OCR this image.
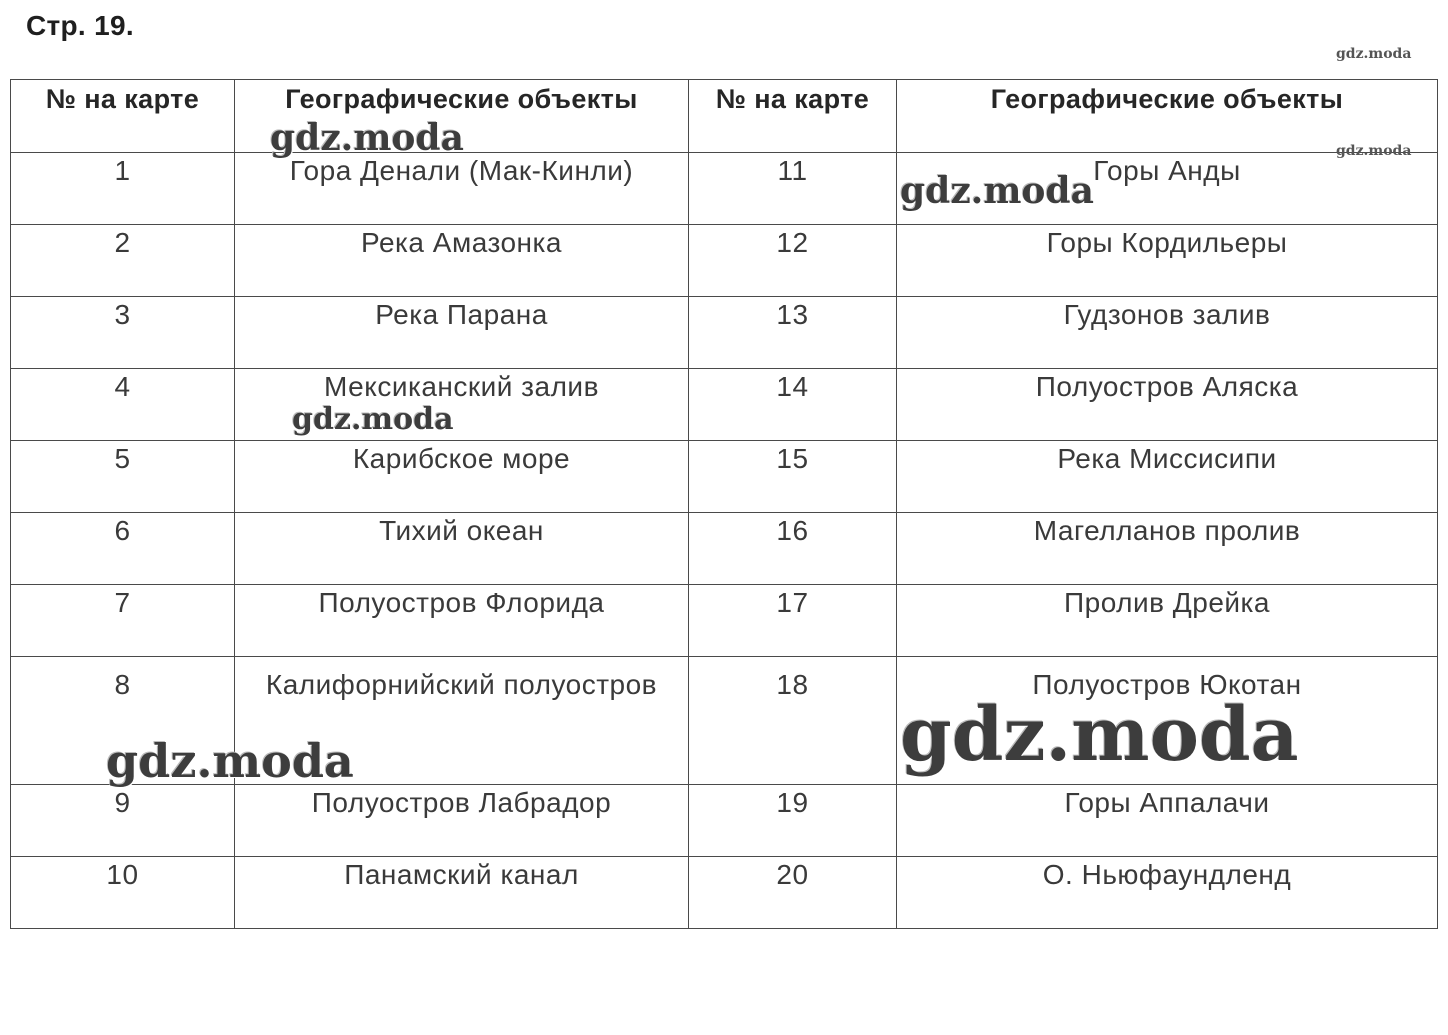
Стр. 19.
№ на карте	Географические объекты	№ на карте	Географические объекты
1	Гора Денали (Мак-Кинли)	11	Горы Анды
2	Река Амазонка	12	Горы Кордильеры
3	Река Парана	13	Гудзонов залив
4	Мексиканский залив	14	Полуостров Аляска
5	Карибское море	15	Река Миссисипи
6	Тихий океан	16	Магелланов пролив
7	Полуостров Флорида	17	Пролив Дрейка
8	Калифорнийский полуостров	18	Полуостров Юкотан
9	Полуостров Лабрадор	19	Горы Аппалачи
10	Панамский канал	20	О. Ньюфаундленд
gdz.moda
gdz.moda
gdz.moda
gdz.moda
gdz.moda
gdz.moda	gdz.moda
